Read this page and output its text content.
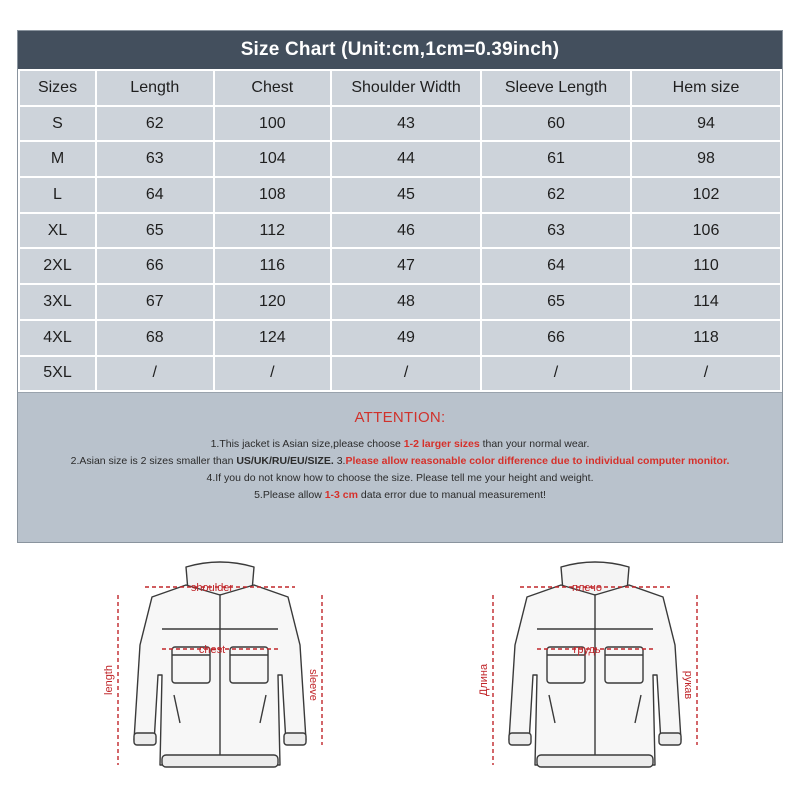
Size Chart (Unit:cm,1cm=0.39inch)
Sizes	Length	Chest	Shoulder Width	Sleeve Length	Hem size
S	62	100	43	60	94
M	63	104	44	61	98
L	64	108	45	62	102
XL	65	112	46	63	106
2XL	66	116	47	64	110
3XL	67	120	48	65	114
4XL	68	124	49	66	118
5XL	/	/	/	/	/
ATTENTION:
1.This jacket is Asian size,please choose 1-2 larger sizes than your normal wear.
2.Asian size is 2 sizes smaller than US/UK/RU/EU/SIZE. 3.Please allow reasonable color difference due to individual computer monitor.
4.If you do not know how to choose the size. Please tell me your height and weight.
5.Please allow 1-3 cm data error due to manual measurement!
shoulder
chest
length	sleeve
плечо
грудь
Длина	рукав
